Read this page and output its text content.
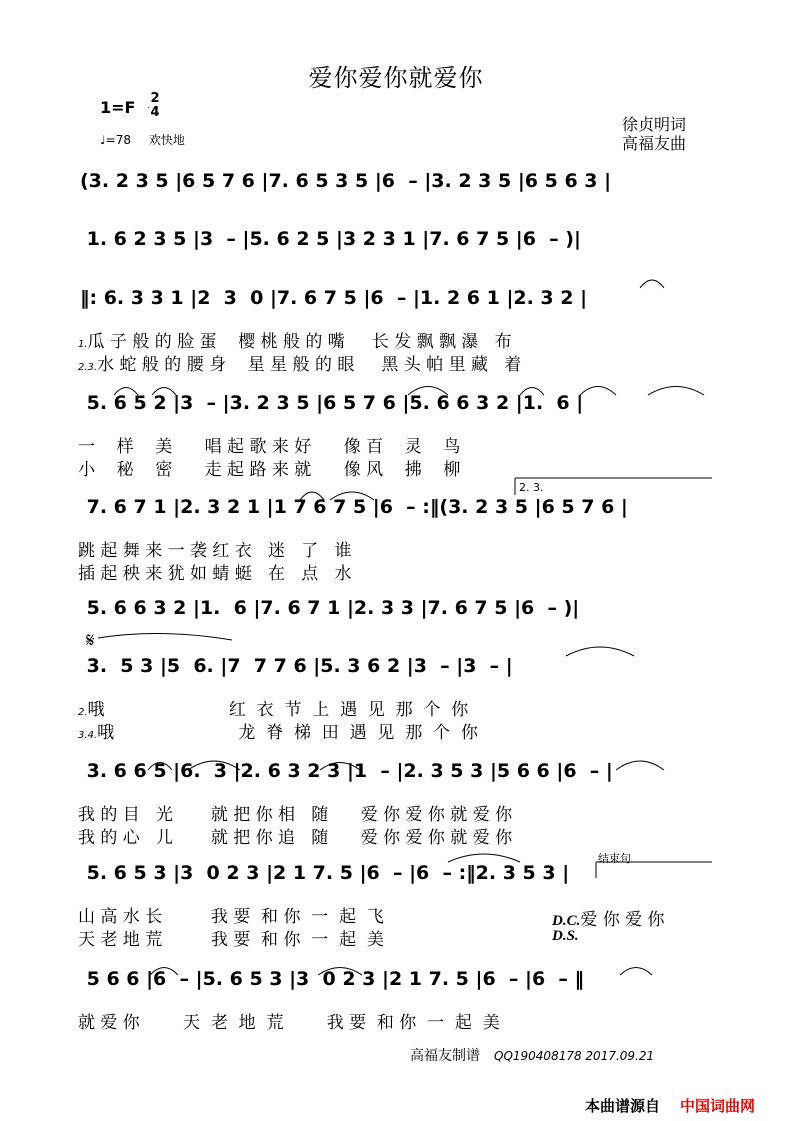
爱你爱你就爱你
1=F 2
4
♩=78 欢快地
徐贞明词
高福友曲
(3. 2 3 5 |6 5 7 6 |7. 6 5 3 5 |6  – |3. 2 3 5 |6 5 6 3 |
1. 6 2 3 5 |3  – |5. 6 2 5 |3 2 3 1 |7. 6 7 5 |6  – )|
‖: 6. 3 3 1 |2  3  0 |7. 6 7 5 |6  – |1. 2 6 1 |2. 3 2 |
1.瓜 子 般 的 脸 蛋    樱 桃 般 的 嘴     长 发 飘 飘 瀑   布
2.3.水 蛇 般 的 腰 身    星 星 般 的 眼     黑 头 帕 里 藏   着
5. 6 5 2 |3  – |3. 2 3 5 |6 5 7 6 |5. 6 6 3 2 |1.  6 |
一    样    美      唱 起 歌 来 好      像 百    灵    鸟
小    秘    密      走 起 路 来 就      像 风    拂    柳
7. 6 7 1 |2. 3 2 1 |1 7 6 7 5 |6  – :‖(3. 2 3 5 |6 5 7 6 |
跳 起 舞 来 一 袭 红 衣   迷   了   谁
插 起 秧 来 犹 如 蜻 蜓   在   点   水
5. 6 6 3 2 |1.  6 |7. 6 7 1 |2. 3 3 |7. 6 7 5 |6  – )|
3.  5 3 |5  6. |7  7 7 6 |5. 3 6 2 |3  – |3  – |
2.哦                       红  衣  节  上  遇  见  那  个  你
3.4.哦                       龙  脊  梯  田  遇  见  那  个  你
3. 6 6 5 |6.  3 |2. 6 3 2 3 |1  – |2. 3 5 3 |5 6 6 |6  – |
我 的 目   光       就 把 你 相   随      爱 你 爱 你 就 爱 你
我 的 心   儿       就 把 你 追   随      爱 你 爱 你 就 爱 你
5. 6 5 3 |3  0 2 3 |2 1 7. 5 |6  – |6  – :‖2. 3 5 3 |
山 高 水 长         我 要  和 你  一  起  飞
天 老 地 荒         我 要  和 你  一  起  美
5 6 6 |6  – |5. 6 5 3 |3  0 2 3 |2 1 7. 5 |6  – |6  – ‖
就 爱 你        天  老  地  荒        我 要  和 你  一  起  美
2. 3.
𝄋
结束句
D.C.爱 你 爱 你
D.S.
高福友制谱 QQ190408178 2017.09.21
本曲谱源自 中国词曲网
